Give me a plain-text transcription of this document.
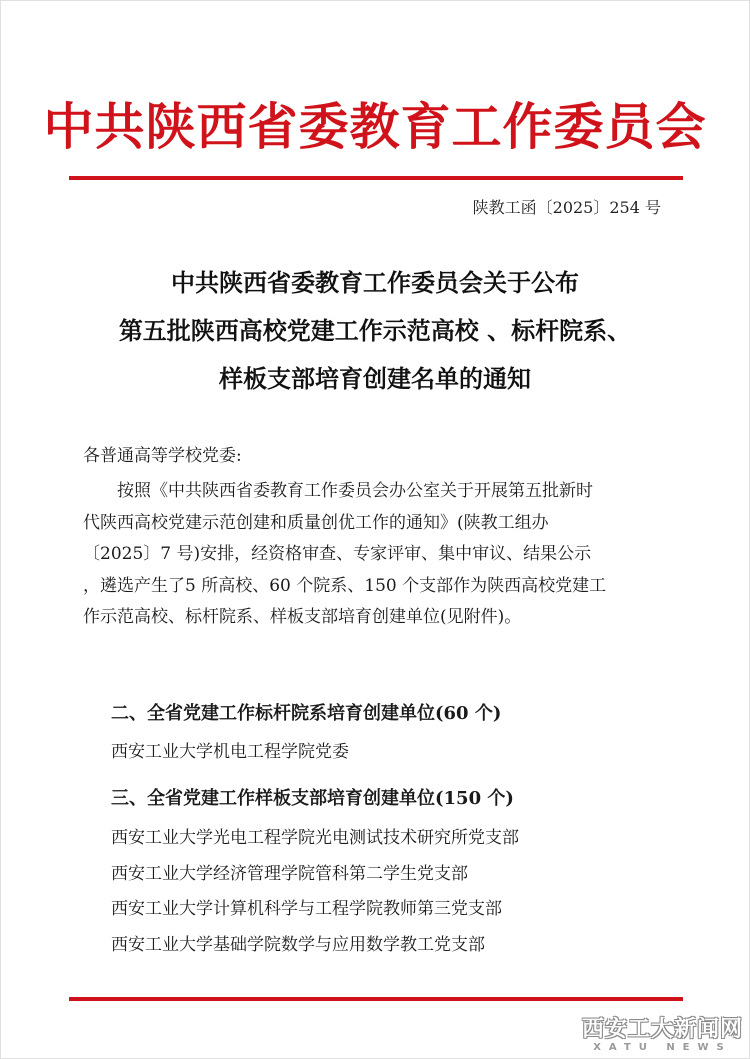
中共陕西省委教育工作委员会
陕教工函〔2025〕254 号
中共陕西省委教育工作委员会关于公布
第五批陕西高校党建工作示范高校 、标杆院系、
样板支部培育创建名单的通知
各普通高等学校党委:
按照《中共陕西省委教育工作委员会办公室关于开展第五批新时
代陕西高校党建示范创建和质量创优工作的通知》(陕教工组办
〔2025〕7 号)安排，经资格审查、专家评审、集中审议、结果公示
，遴选产生了5 所高校、60 个院系、150 个支部作为陕西高校党建工
作示范高校、标杆院系、样板支部培育创建单位(见附件)。
二、全省党建工作标杆院系培育创建单位(60 个)
西安工业大学机电工程学院党委
三、全省党建工作样板支部培育创建单位(150 个)
西安工业大学光电工程学院光电测试技术研究所党支部
西安工业大学经济管理学院管科第二学生党支部
西安工业大学计算机科学与工程学院教师第三党支部
西安工业大学基础学院数学与应用数学教工党支部
西安工大新闻网
XATU NEWS
